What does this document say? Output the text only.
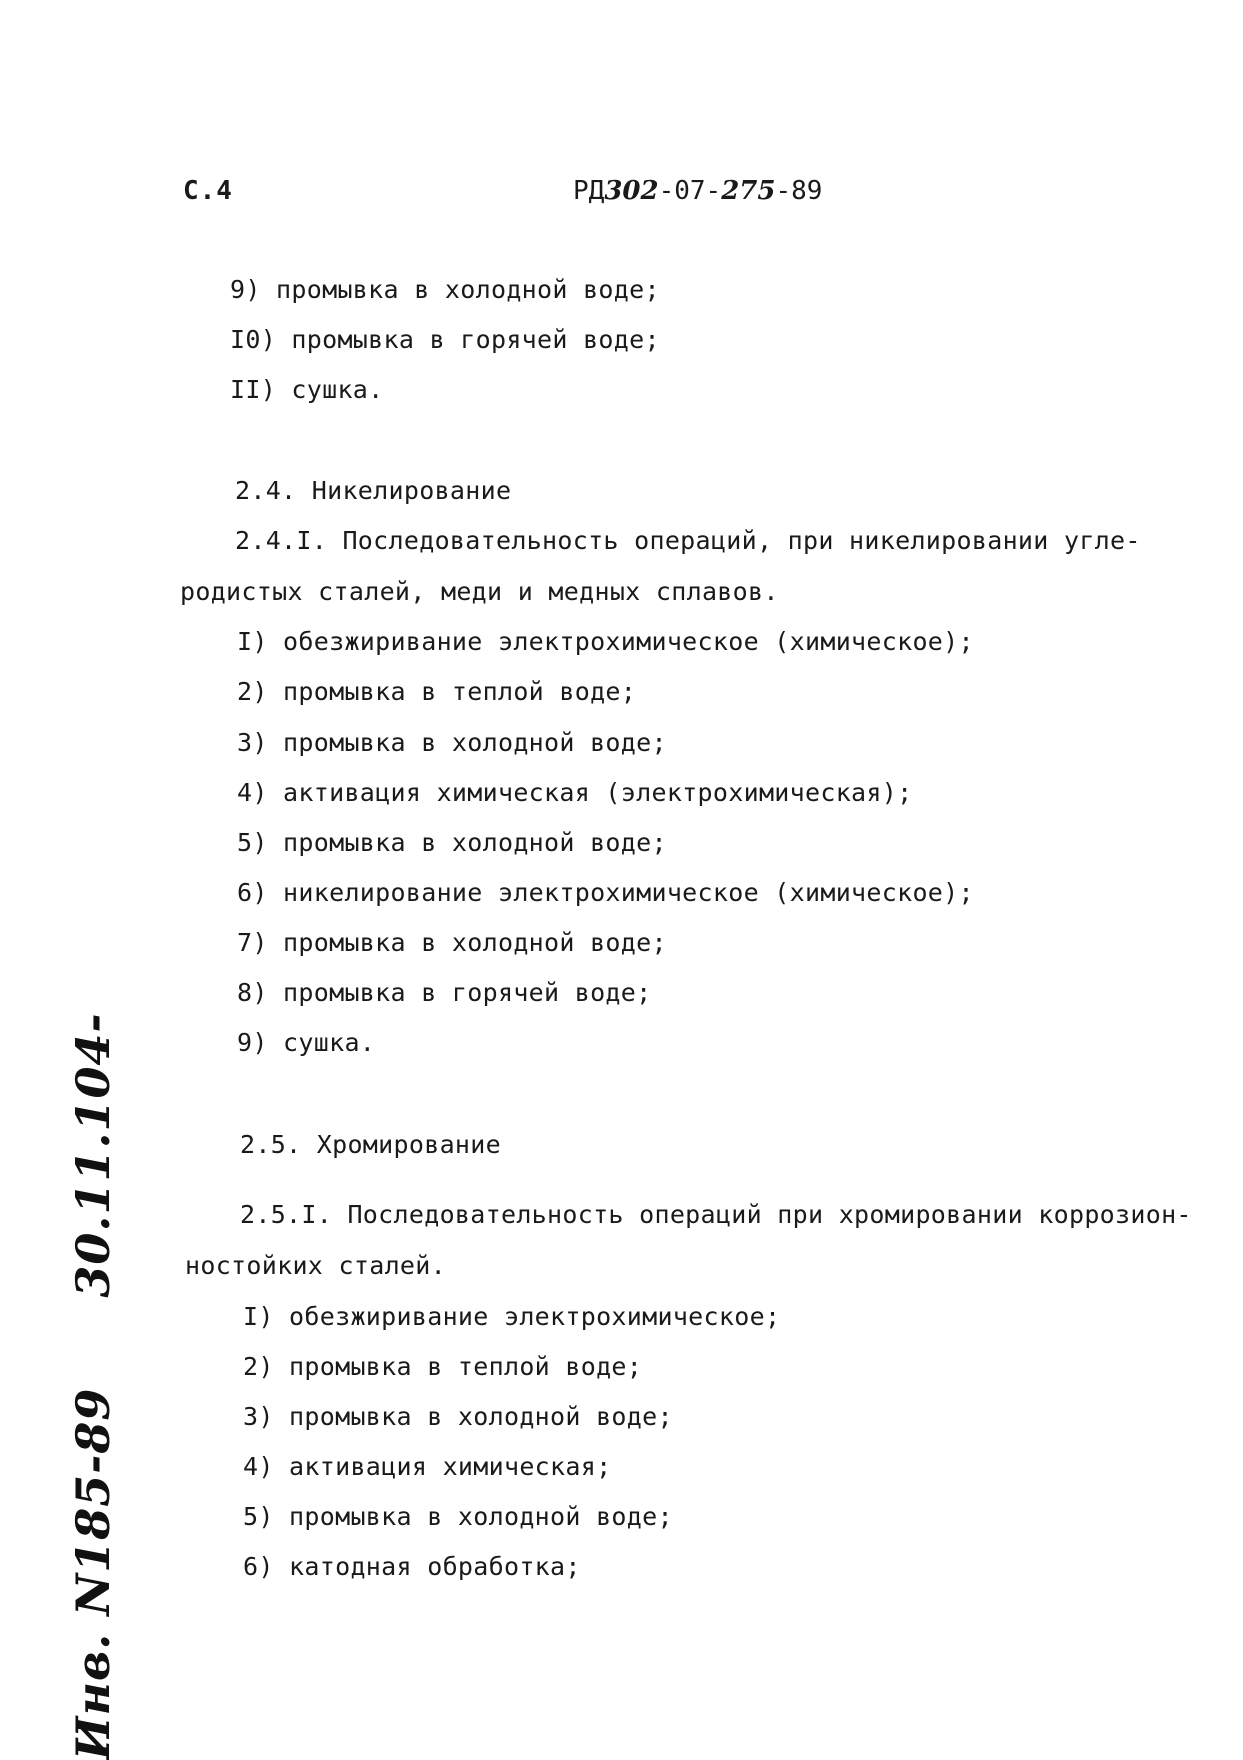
С.4	РД302-07-275-89
9) промывка в холодной воде;
I0) промывка в горячей воде;
II) сушка.
2.4. Никелирование
2.4.I. Последовательность операций, при никелировании угле-
родистых сталей, меди и медных сплавов.
I) обезжиривание электрохимическое (химическое);
2) промывка в теплой воде;
3) промывка в холодной воде;
4) активация химическая (электрохимическая);
5) промывка в холодной воде;
6) никелирование электрохимическое (химическое);
7) промывка в холодной воде;
8) промывка в горячей воде;
9) сушка.
2.5. Хромирование
2.5.I. Последовательность операций при хромировании коррозион-
ностойких сталей.
I) обезжиривание электрохимическое;
2) промывка в теплой воде;
3) промывка в холодной воде;
4) активация химическая;
5) промывка в холодной воде;
6) катодная обработка;
Инв. N185-8930.11.104-
